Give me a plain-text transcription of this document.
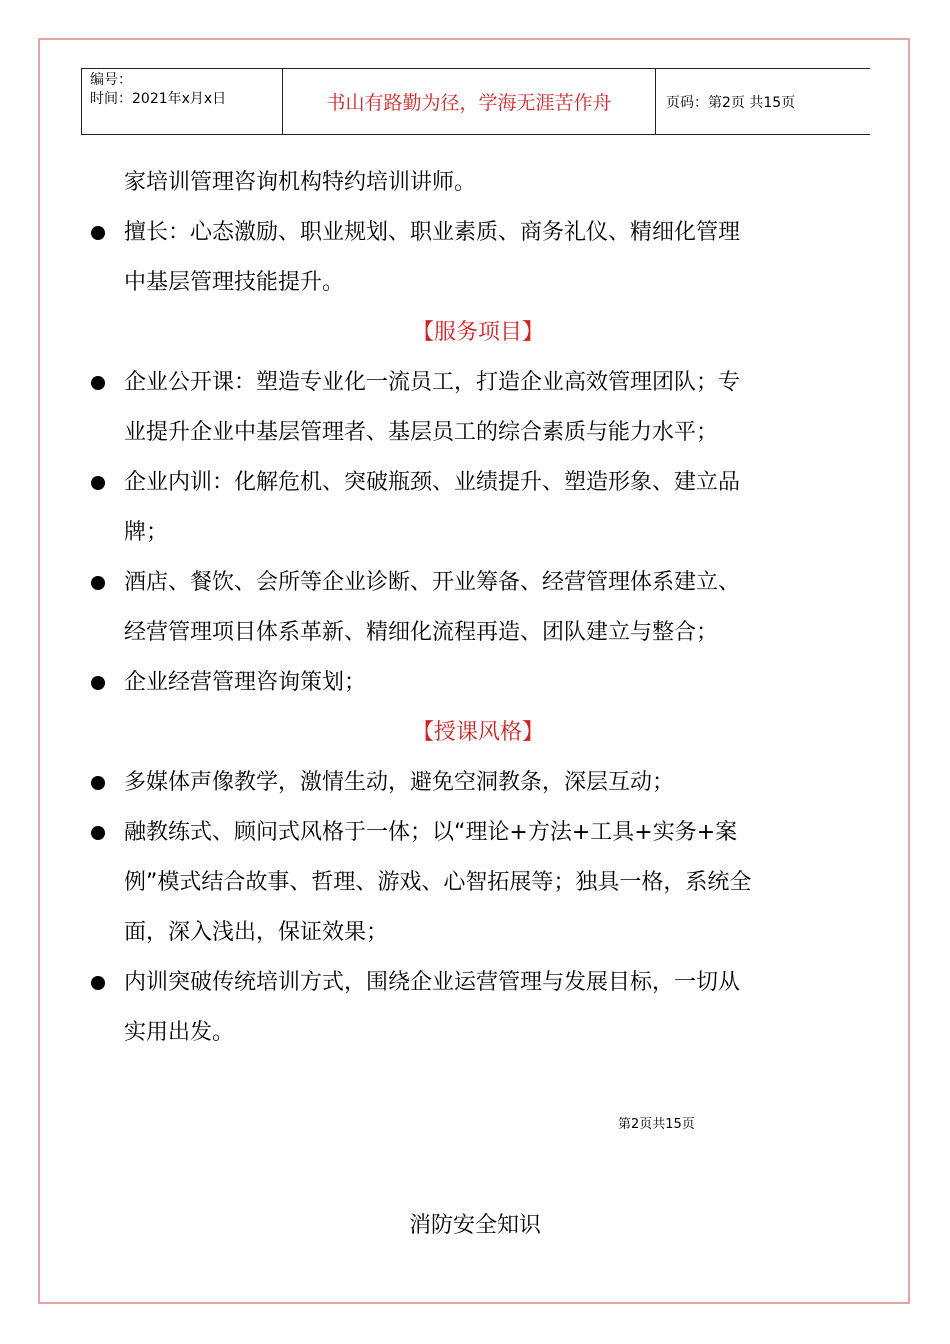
编号：
时间：2021年x月x日	书山有路勤为径，学海无涯苦作舟	页码：第2页 共15页
家培训管理咨询机构特约培训讲师。
擅长：心态激励、职业规划、职业素质、商务礼仪、精细化管理
中基层管理技能提升。
【服务项目】
企业公开课：塑造专业化一流员工，打造企业高效管理团队；专
业提升企业中基层管理者、基层员工的综合素质与能力水平；
企业内训：化解危机、突破瓶颈、业绩提升、塑造形象、建立品
牌；
酒店、餐饮、会所等企业诊断、开业筹备、经营管理体系建立、
经营管理项目体系革新、精细化流程再造、团队建立与整合；
企业经营管理咨询策划；
【授课风格】
多媒体声像教学，激情生动，避免空洞教条，深层互动；
融教练式、顾问式风格于一体；以“理论+方法+工具+实务+案
例”模式结合故事、哲理、游戏、心智拓展等；独具一格，系统全
面，深入浅出，保证效果；
内训突破传统培训方式，围绕企业运营管理与发展目标，一切从
实用出发。
第2页共15页
消防安全知识
